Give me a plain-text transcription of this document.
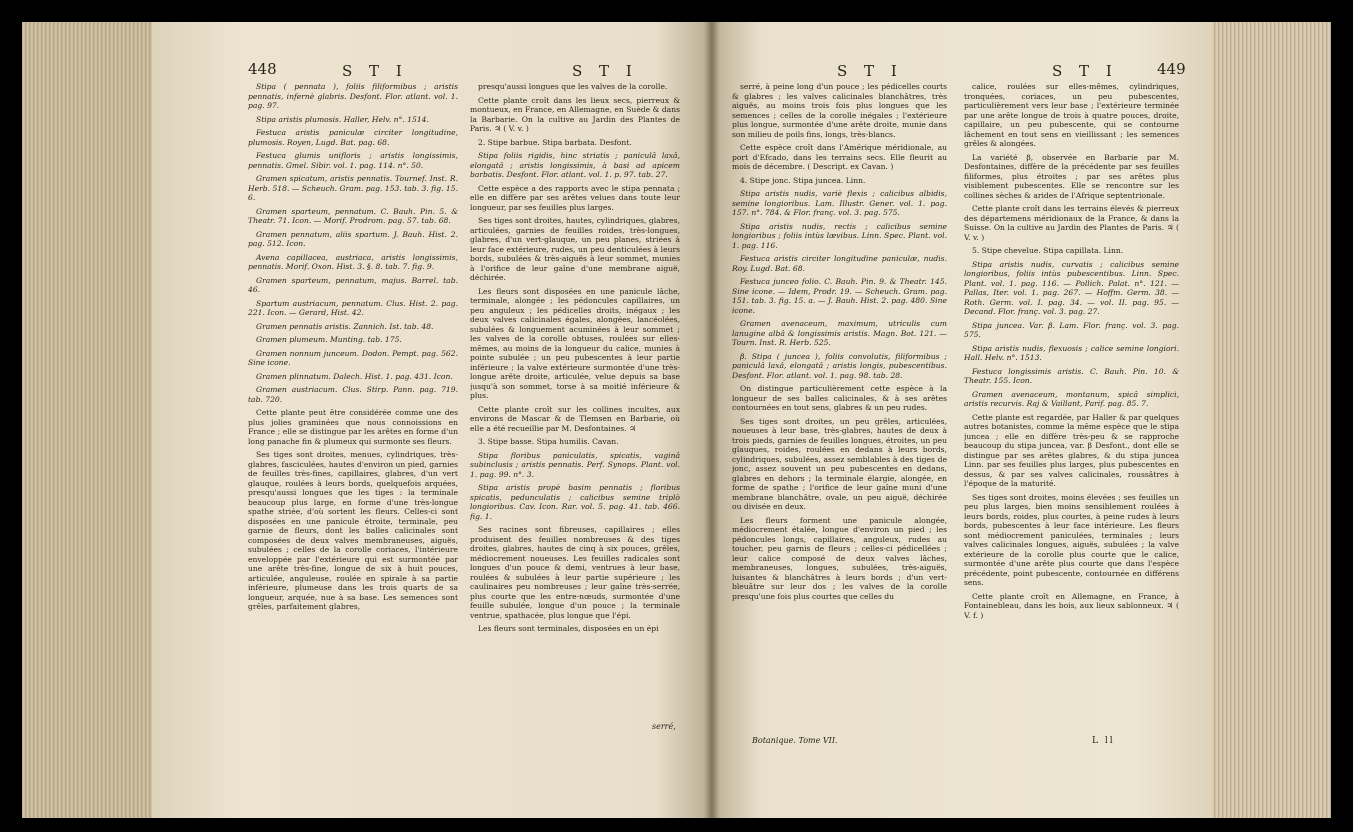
448	S T I	S T I

Stipa ( pennata ), foliis filiformibus ; aristis pennatis, infernè glabris. Desfont. Flor. atlant. vol. 1. pag. 97.

Stipa aristis plumosis. Haller, Helv. n°. 1514.

Festuca aristis paniculæ circiter longitudine, plumosis. Royen, Lugd. Bat. pag. 68.

Festuca glumis unifloris ; aristis longissimis, pennatis. Gmel. Sibir. vol. 1. pag. 114. n°. 50.

Gramen spicatum, aristis pennatis. Tournef. Inst. R. Herb. 518. — Scheuch. Gram. pag. 153. tab. 3. fig. 15. 6.

Gramen sparteum, pennatum. C. Bauh. Pin. 5. & Theatr. 71. Icon. — Morif. Prodrom. pag. 57. tab. 68.

Gramen pennatum, aliis spartum. J. Bauh. Hist. 2. pag. 512. Icon.

Avena capillacea, austriaca, aristis longissimis, pennatis. Morif. Oxon. Hist. 3. §. 8. tab. 7. fig. 9.

Gramen sparteum, pennatum, majus. Barrel. tab. 46.

Spartum austriacum, pennatum. Clus. Hist. 2. pag. 221. Icon. — Gerard, Hist. 42.

Gramen pennatis aristis. Zannich. Ist. tab. 48.

Gramen plumeum. Munting. tab. 175.

Gramen nonnum junceum. Dodon. Pempt. pag. 562. Sine icone.

Gramen plinnatum. Dalech. Hist. 1. pag. 431. Icon.

Gramen austriacum. Clus. Stirp. Pann. pag. 719. tab. 720.

Cette plante peut être considérée comme une des plus jolies graminées que nous connoissions en France ; elle se distingue par les arêtes en forme d'un long panache fin & plumeux qui surmonte ses fleurs.

Ses tiges sont droites, menues, cylindriques, très-glabres, fasciculées, hautes d'environ un pied, garnies de feuilles très-fines, capillaires, glabres, d'un vert glauque, roulées à leurs bords, quelquefois arquées, presqu'aussi longues que les tiges : la terminale beaucoup plus large, en forme d'une très-longue spathe striée, d'où sortent les fleurs. Celles-ci sont disposées en une panicule étroite, terminale, peu garnie de fleurs, dont les balles calicinales sont composées de deux valves membraneuses, aiguës, subulées ; celles de la corolle coriaces, l'intérieure enveloppée par l'extérieure qui est surmontée par une arête très-fine, longue de six à huit pouces, articulée, anguleuse, roulée en spirale à sa partie inférieure, plumeuse dans les trois quarts de sa longueur, arquée, nue à sa base. Les semences sont grêles, parfaitement glabres,

presqu'aussi longues que les valves de la corolle.

Cette plante croît dans les lieux secs, pierreux & montueux, en France, en Allemagne, en Suède & dans la Barbarie. On la cultive au Jardin des Plantes de Paris. ♃ ( V. v. )

2. Stipe barbue. Stipa barbata. Desfont.

Stipa foliis rigidis, hinc striatis ; paniculâ laxâ, elongatâ ; aristis longissimis, à basi ad apicem barbatis. Desfont. Flor. atlant. vol. 1. p. 97. tab. 27.

Cette espèce a des rapports avec le stipa pennata ; elle en diffère par ses arêtes velues dans toute leur longueur, par ses feuilles plus larges.

Ses tiges sont droites, hautes, cylindriques, glabres, articulées, garnies de feuilles roides, très-longues, glabres, d'un vert-glauque, un peu planes, striées à leur face extérieure, rudes, un peu denticulées à leurs bords, subulées & très-aiguës à leur sommet, munies à l'orifice de leur gaîne d'une membrane aiguë, déchirée.

Les fleurs sont disposées en une panicule lâche, terminale, alongée ; les pédoncules capillaires, un peu anguleux ; les pédicelles droits, inégaux ; les deux valves calicinales égales, alongées, lancéolées, subulées & longuement acuminées à leur sommet ; les valves de la corolle obtuses, roulées sur elles-mêmes, au moins de la longueur du calice, munies à pointe subulée ; un peu pubescentes à leur partie inférieure ; la valve extérieure surmontée d'une très-longue arête droite, articulée, velue depuis sa base jusqu'à son sommet, torse à sa moitié inférieure & plus.

Cette plante croît sur les collines incultes, aux environs de Mascar & de Tlemsen en Barbarie, où elle a été recueillie par M. Desfontaines. ♃

3. Stipe basse. Stipa humilis. Cavan.

Stipa floribus paniculatis, spicatis, vaginâ subinclusis ; aristis pennatis. Perf. Synops. Plant. vol. 1. pag. 99. n°. 3.

Stipa aristis propè basim pennatis ; floribus spicatis, pedunculatis ; calicibus semine triplò longioribus. Cav. Icon. Rar. vol. 5. pag. 41. tab. 466. fig. 1.

Ses racines sont fibreuses, capillaires ; elles produisent des feuilles nombreuses & des tiges droites, glabres, hautes de cinq à six pouces, grêles, médiocrement noueuses. Les feuilles radicales sont longues d'un pouce & demi, ventrues à leur base, roulées & subulées à leur partie supérieure ; les caulinaires peu nombreuses ; leur gaîne très-serrée, plus courte que les entre-nœuds, surmontée d'une feuille subulée, longue d'un pouce ; la terminale ventrue, spathacée, plus longue que l'épi.

Les fleurs sont terminales, disposées en un épi

serré,
S T I	S T I	449

serré, à peine long d'un pouce ; les pédicelles courts & glabres ; les valves calicinales blanchâtres, très aiguës, au moins trois fois plus longues que les semences ; celles de la corolle inégales ; l'extérieure plus longue, surmontée d'une arête droite, munie dans son milieu de poils fins, longs, très-blancs.

Cette espèce croît dans l'Amérique méridionale, au port d'Efcado, dans les terrains secs. Elle fleurit au mois de décembre. ( Descript. ex Cavan. )

4. Stipe jonc. Stipa juncea. Linn.

Stipa aristis nudis, variè flexis ; calicibus albidis, semine longioribus. Lam. Illustr. Gener. vol. 1. pag. 157. n°. 784. & Flor. franç. vol. 3. pag. 575.

Stipa aristis nudis, rectis ; calicibus semine longioribus ; foliis intùs lævibus. Linn. Spec. Plant. vol. 1. pag. 116.

Festuca aristis circiter longitudine paniculæ, nudis. Roy. Lugd. Bat. 68.

Festuca junceo folio. C. Bauh. Pin. 9. & Theatr. 145. Sine icone. — Idem, Prodr. 19. — Scheuch. Gram. pag. 151. tab. 3. fig. 15. a. — J. Bauh. Hist. 2. pag. 480. Sine icone.

Gramen avenaceum, maximum, utriculis cum lanugine albâ & longissimis aristis. Magn. Bot. 121. — Tourn. Inst. R. Herb. 525.

β. Stipa ( juncea ), foliis convolutis, filiformibus ; paniculâ laxâ, elongatâ ; aristis longis, pubescentibus. Desfont. Flor. atlant. vol. 1. pag. 98. tab. 28.

On distingue particulièrement cette espèce à la longueur de ses balles calicinales, & à ses arêtes contournées en tout sens, glabres & un peu rudes.

Ses tiges sont droites, un peu grêles, articulées, noueuses à leur base, très-glabres, hautes de deux à trois pieds, garnies de feuilles longues, étroites, un peu glauques, roides, roulées en dedans à leurs bords, cylindriques, subulées, assez semblables à des tiges de jonc, assez souvent un peu pubescentes en dedans, glabres en dehors ; la terminale élargie, alongée, en forme de spathe ; l'orifice de leur gaîne muni d'une membrane blanchâtre, ovale, un peu aiguë, déchirée ou divisée en deux.

Les fleurs forment une panicule alongée, médiocrement étalée, longue d'environ un pied ; les pédoncules longs, capillaires, anguleux, rudes au toucher, peu garnis de fleurs ; celles-ci pédicellées ; leur calice composé de deux valves lâches, membraneuses, longues, subulées, très-aiguës, luisantes & blanchâtres à leurs bords ; d'un vert-bleuâtre sur leur dos ; les valves de la corolle presqu'une fois plus courtes que celles du

calice, roulées sur elles-mêmes, cylindriques, tronquées, coriaces, un peu pubescentes, particulièrement vers leur base ; l'extérieure terminée par une arête longue de trois à quatre pouces, droite, capillaire, un peu pubescente, qui se contourne lâchement en tout sens en vieillissant ; les semences grêles & alongées.

La variété β, observée en Barbarie par M. Desfontaines, diffère de la précédente par ses feuilles filiformes, plus étroites ; par ses arêtes plus visiblement pubescentes. Elle se rencontre sur les collines sèches & arides de l'Afrique septentrionale.

Cette plante croît dans les terrains élevés & pierreux des départemens méridionaux de la France, & dans la Suisse. On la cultive au Jardin des Plantes de Paris. ♃ ( V. v. )

5. Stipe chevelue. Stipa capillata. Linn.

Stipa aristis nudis, curvatis ; calicibus semine longioribus, foliis intùs pubescentibus. Linn. Spec. Plant. vol. 1. pag. 116. — Pollich. Palat. n°. 121. — Pallas, Iter. vol. 1. pag. 267. — Hoffm. Germ. 38. — Roth. Germ. vol. I. pag. 34. — vol. II. pag. 95. — Decand. Flor. franç. vol. 3. pag. 27.

Stipa juncea. Var. β. Lam. Flor. franç. vol. 3. pag. 575.

Stipa aristis nudis, flexuosis ; calice semine longiori. Hall. Helv. n°. 1513.

Festuca longissimis aristis. C. Bauh. Pin. 10. & Theatr. 155. Icon.

Gramen avenaceum, montanum, spicâ simplici, aristis recurvis. Raj & Vaillant, Parif. pag. 85. 7.

Cette plante est regardée, par Haller & par quelques autres botanistes, comme la même espèce que le stipa juncea ; elle en diffère très-peu & se rapproche beaucoup du stipa juncea, var. β Desfont., dont elle se distingue par ses arêtes glabres, & du stipa juncea Linn. par ses feuilles plus larges, plus pubescentes en dessus, & par ses valves calicinales, roussâtres à l'époque de la maturité.

Ses tiges sont droites, moins élevées ; ses feuilles un peu plus larges, bien moins sensiblement roulées à leurs bords, roides, plus courtes, à peine rudes à leurs bords, pubescentes à leur face intérieure. Les fleurs sont médiocrement paniculées, terminales ; leurs valves calicinales longues, aiguës, subulées ; la valve extérieure de la corolle plus courte que le calice, surmontée d'une arête plus courte que dans l'espèce précédente, point pubescente, contournée en différens sens.

Cette plante croît en Allemagne, en France, à Fontainebleau, dans les bois, aux lieux sablonneux. ♃ ( V. f. )

Botanique. Tome VII.	L ll
